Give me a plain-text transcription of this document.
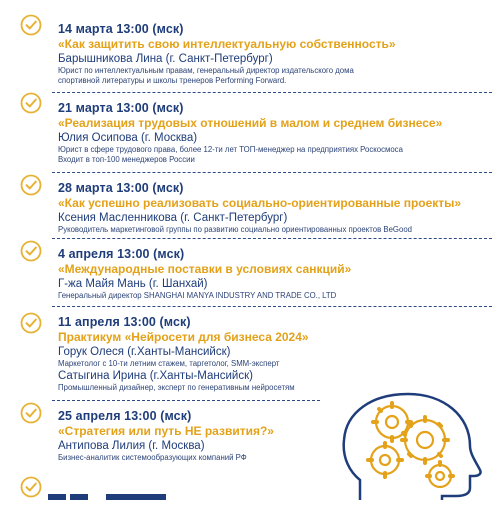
14 марта 13:00 (мск)
«Как защитить свою интеллектуальную собственность»
Барышникова Лина (г. Санкт-Петербург)
Юрист по интеллектуальным правам, генеральный директор издательского дома
спортивной литературы и школы тренеров Performing Forward.
21 марта 13:00 (мск)
«Реализация трудовых отношений в малом и среднем бизнесе»
Юлия Осипова (г. Москва)
Юрист в сфере трудового права, более 12-ти лет ТОП-менеджер на предприятиях Роскосмоса
Входит в топ-100 менеджеров России
28 марта 13:00 (мск)
«Как успешно реализовать социально-ориентированные проекты»
Ксения Масленникова (г. Санкт-Петербург)
Руководитель маркетинговой группы по развитию социально ориентированных проектов BeGood
4 апреля 13:00 (мск)
«Международные поставки в условиях санкций»
Г-жа Майя Мань (г. Шанхай)
Генеральный директор SHANGHAI MANYA INDUSTRY AND TRADE CO., LTD
11 апреля 13:00 (мск)
Практикум «Нейросети для бизнеса 2024»
Горук Олеся (г.Ханты-Мансийск)
Маркетолог с 10-ти летним стажем, таргетолог, SMM-эксперт
Сатыгина Ирина (г.Ханты-Мансийск)
Промышленный дизайнер, эксперт по генеративным нейросетям
25 апреля 13:00 (мск)
«Стратегия или путь НЕ развития?»
Антипова Лилия (г. Москва)
Бизнес-аналитик системообразующих компаний РФ
